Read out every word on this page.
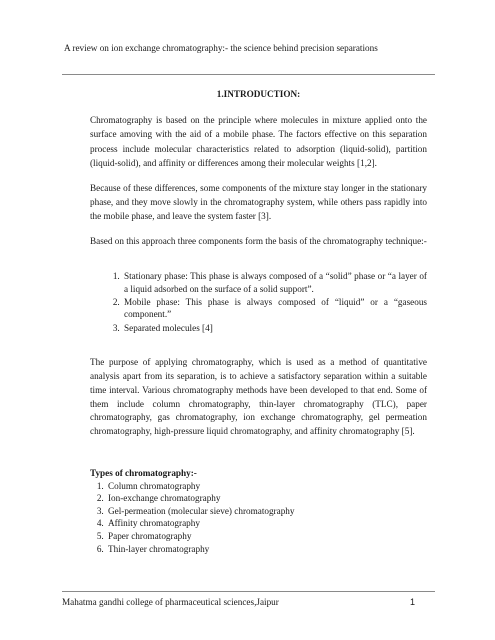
A review on ion exchange chromatography:- the science behind precision separations
1.INTRODUCTION:

Chromatography is based on the principle where molecules in mixture applied onto the surface amoving with the aid of a mobile phase. The factors effective on this separation process include molecular characteristics related to adsorption (liquid-solid), partition (liquid-solid), and affinity or differences among their molecular weights [1,2].

Because of these differences, some components of the mixture stay longer in the stationary phase, and they move slowly in the chromatography system, while others pass rapidly into the mobile phase, and leave the system faster [3].

Based on this approach three components form the basis of the chromatography technique:-

1. Stationary phase: This phase is always composed of a “solid” phase or “a layer of a liquid adsorbed on the surface of a solid support”.
2. Mobile phase: This phase is always composed of “liquid” or a “gaseous component.”
3. Separated molecules [4]

The purpose of applying chromatography, which is used as a method of quantitative analysis apart from its separation, is to achieve a satisfactory separation within a suitable time interval. Various chromatography methods have been developed to that end. Some of them include column chromatography, thin-layer chromatography (TLC), paper chromatography, gas chromatography, ion exchange chromatography, gel permeation chromatography, high-pressure liquid chromatography, and affinity chromatography [5].

Types of chromatography:-
1. Column chromatography
2. Ion-exchange chromatography
3. Gel-permeation (molecular sieve) chromatography
4. Affinity chromatography
5. Paper chromatography
6. Thin-layer chromatography
Mahatma gandhi college of pharmaceutical sciences,Jaipur	1
